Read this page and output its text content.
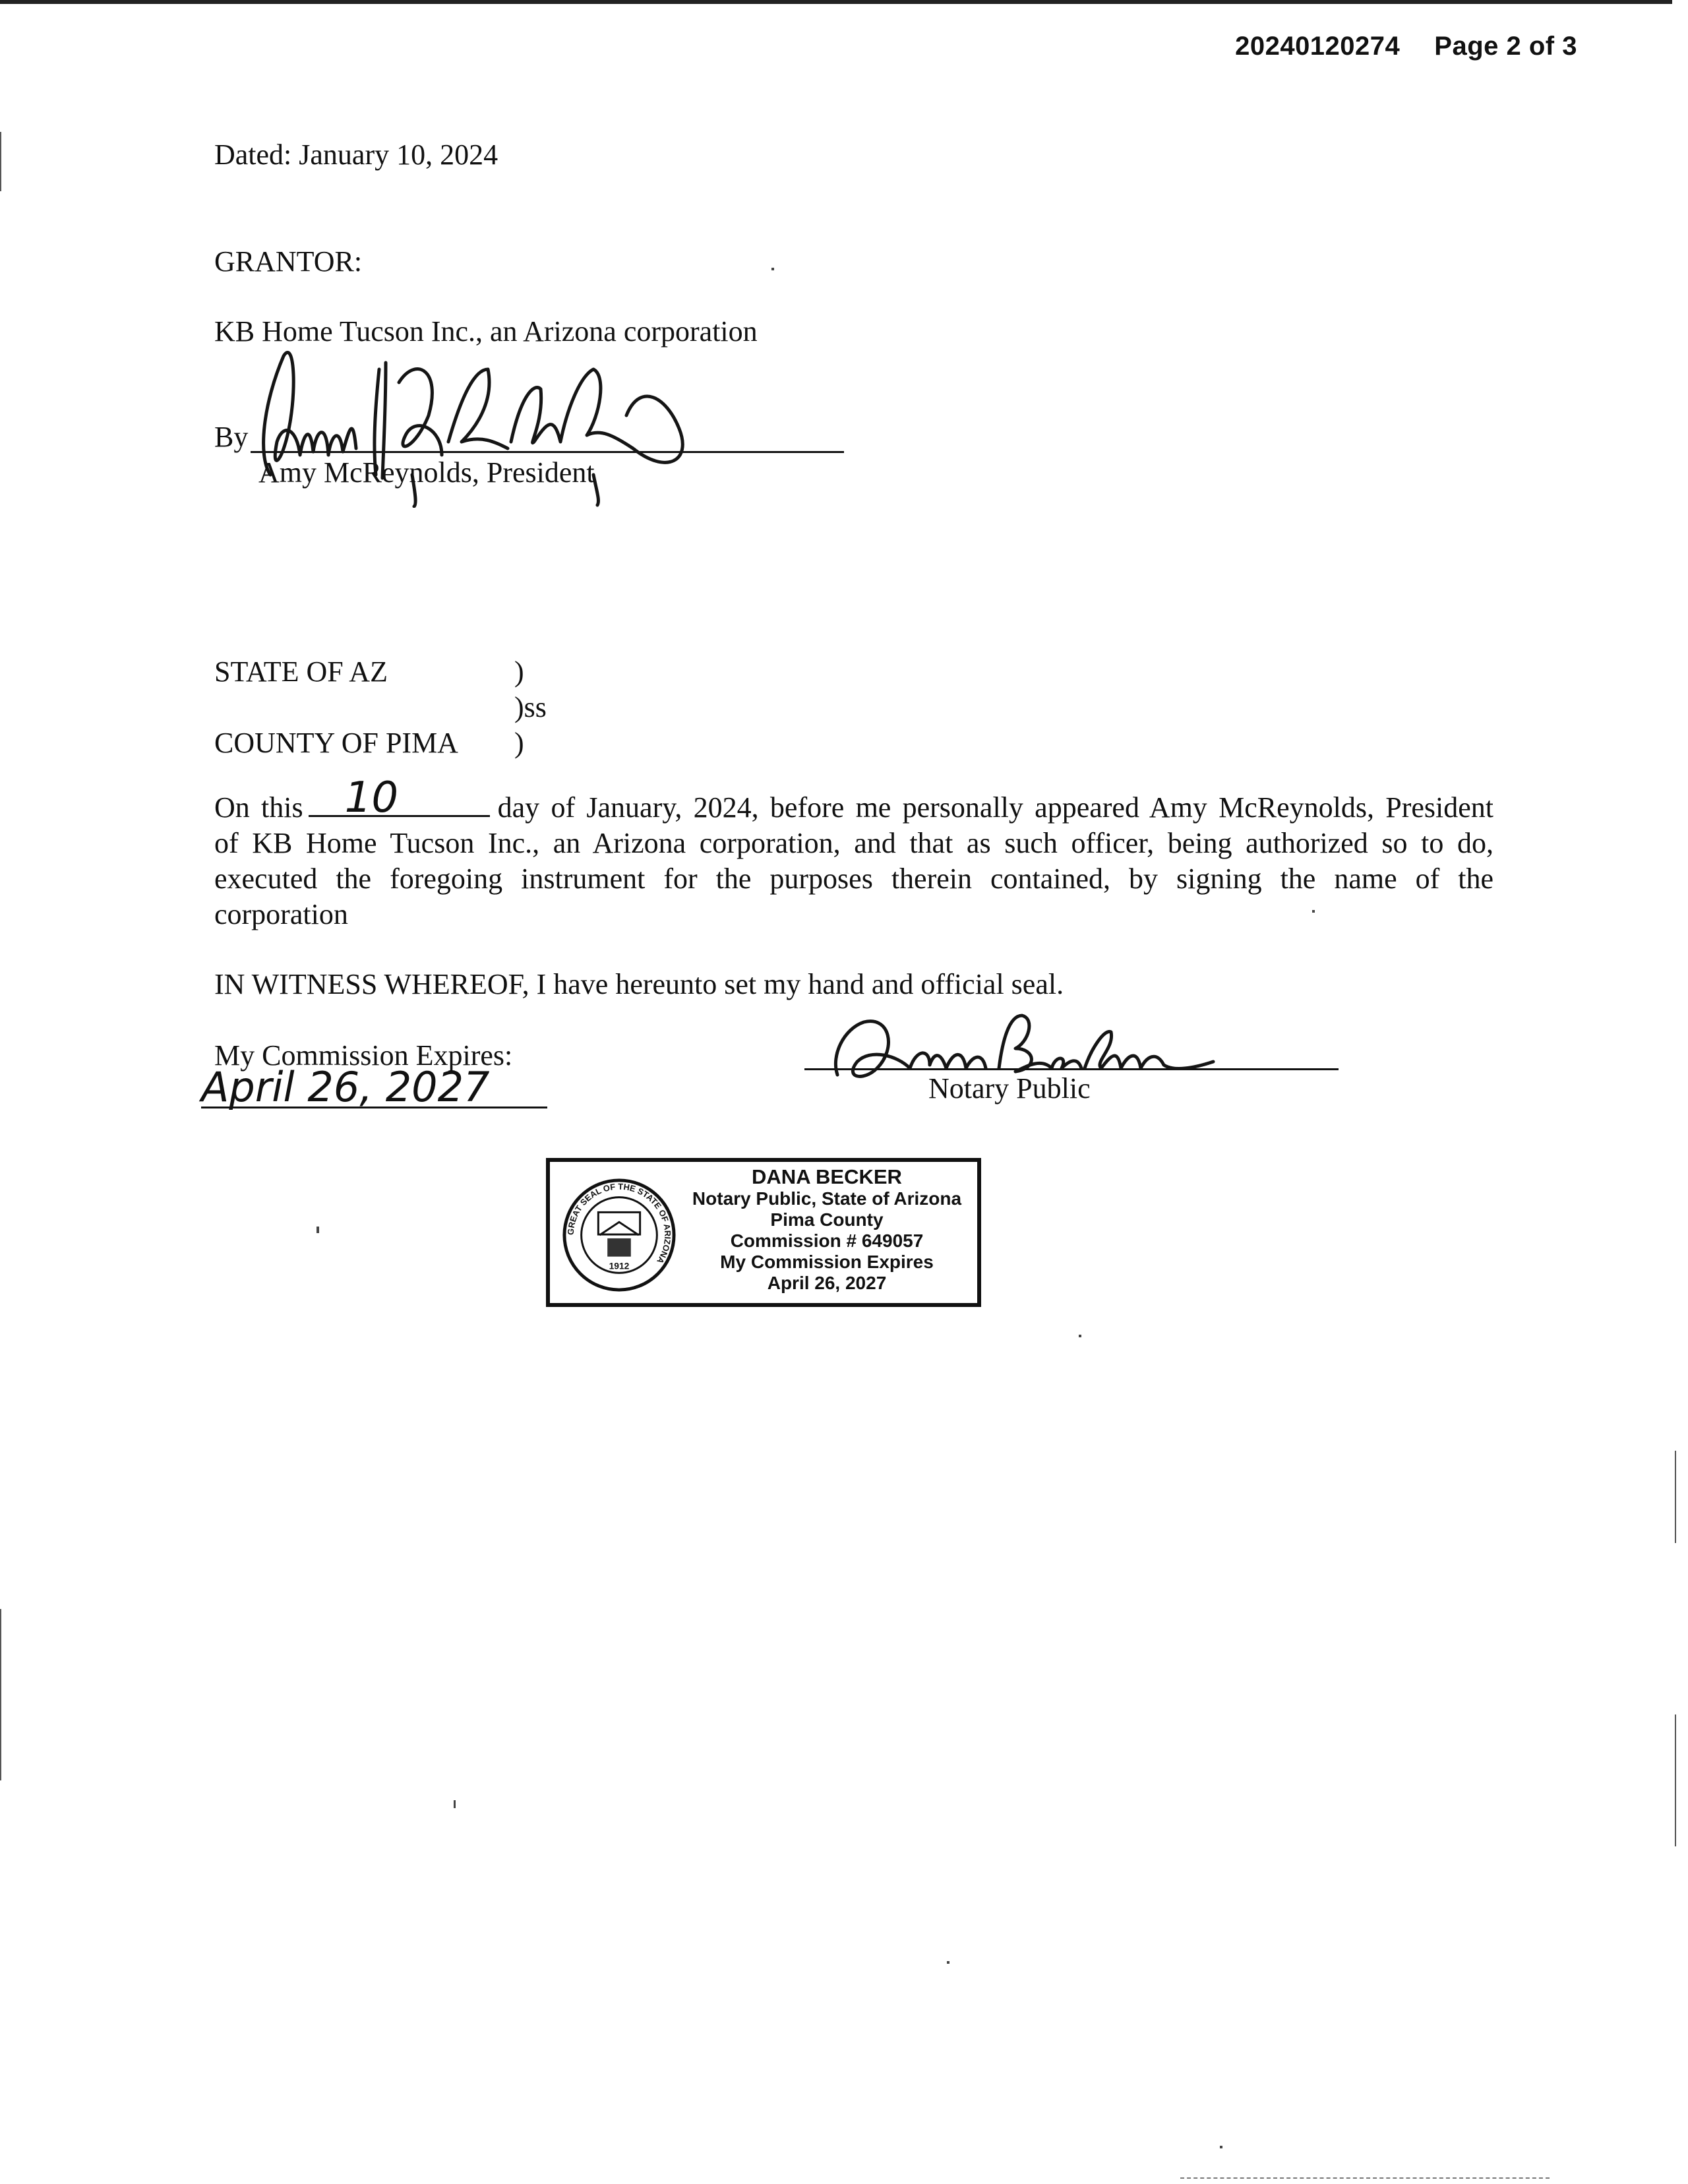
20240120274 Page 2 of 3
Dated: January 10, 2024
GRANTOR:
KB Home Tucson Inc., an Arizona corporation
By
Amy McReynolds, President
STATE OF AZ	)
)ss
COUNTY OF PIMA )
On this 10	day of January, 2024, before me personally appeared Amy McReynolds, President
of KB Home Tucson Inc., an Arizona corporation, and that as such officer, being authorized so to do,
executed the foregoing instrument for the purposes therein contained, by signing the name of the
corporation
IN WITNESS WHEREOF, I have hereunto set my hand and official seal.
My Commission Expires:
April 26, 2027	Notary Public
GREAT SEAL OF THE STATE OF ARIZONA
1912
DANA BECKER
Notary Public, State of Arizona
Pima County
Commission # 649057
My Commission Expires
April 26, 2027
